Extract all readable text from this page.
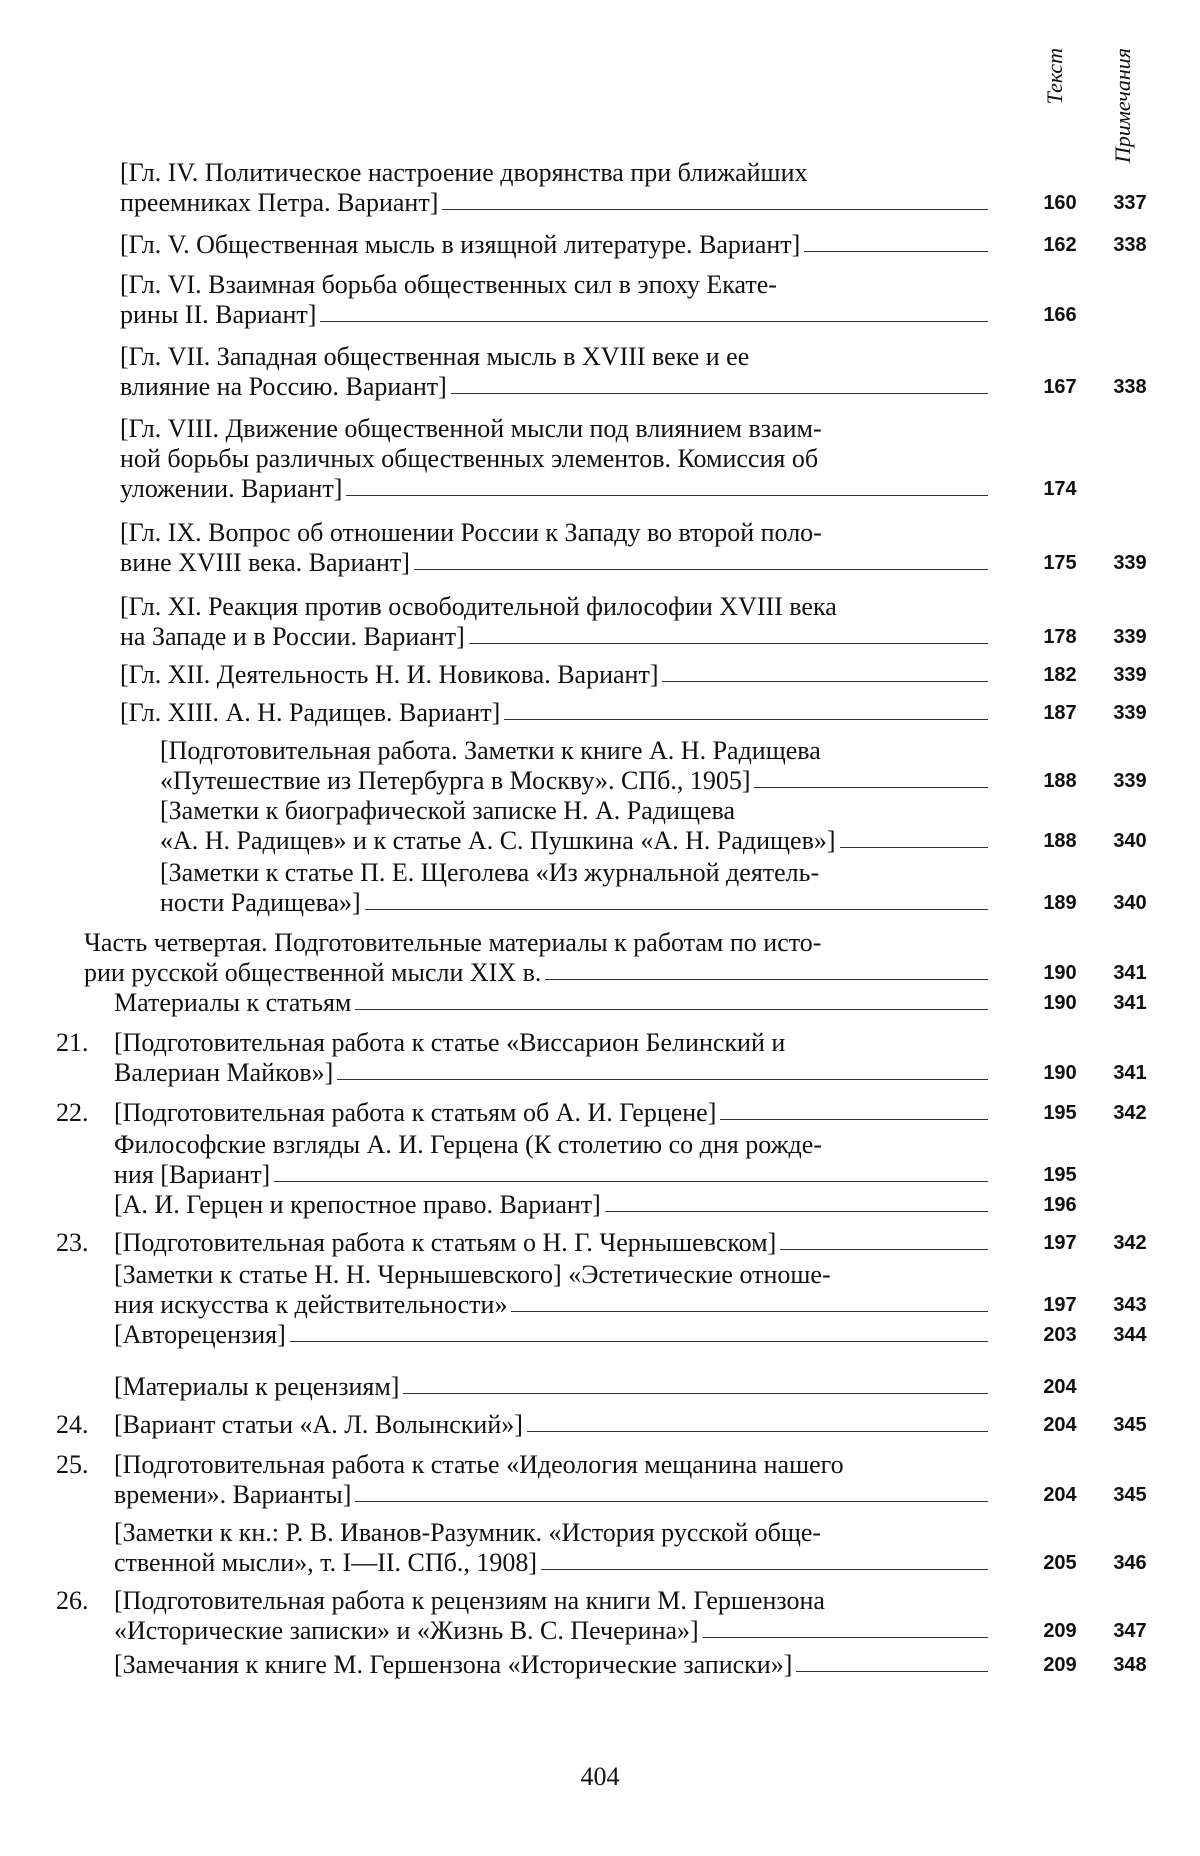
Текст Примечания
[Гл. IV. Политическое настроение дворянства при ближайших
преемниках Петра. Вариант]	160	337
[Гл. V. Общественная мысль в изящной литературе. Вариант]	162	338
[Гл. VI. Взаимная борьба общественных сил в эпоху Екате-
рины II. Вариант]	166
[Гл. VII. Западная общественная мысль в XVIII веке и ее
влияние на Россию. Вариант]	167	338
[Гл. VIII. Движение общественной мысли под влиянием взаим-
ной борьбы различных общественных элементов. Комиссия об
уложении. Вариант]	174
[Гл. IX. Вопрос об отношении России к Западу во второй поло-
вине XVIII века. Вариант]	175	339
[Гл. XI. Реакция против освободительной философии XVIII века
на Западе и в России. Вариант]	178	339
[Гл. XII. Деятельность Н. И. Новикова. Вариант]	182	339
[Гл. XIII. А. Н. Радищев. Вариант]	187	339
[Подготовительная работа. Заметки к книге А. Н. Радищева
«Путешествие из Петербурга в Москву». СПб., 1905]	188	339
[Заметки к биографической записке Н. А. Радищева
«А. Н. Радищев» и к статье А. С. Пушкина «А. Н. Радищев»]	188	340
[Заметки к статье П. Е. Щеголева «Из журнальной деятель-
ности Радищева»]	189	340
Часть четвертая. Подготовительные материалы к работам по исто-
рии русской общественной мысли XIX в.	190	341
Материалы к статьям	190	341
21. [Подготовительная работа к статье «Виссарион Белинский и
Валериан Майков»]	190	341
22. [Подготовительная работа к статьям об А. И. Герцене]	195	342
Философские взгляды А. И. Герцена (К столетию со дня рожде-
ния [Вариант]	195
[А. И. Герцен и крепостное право. Вариант]	196
23. [Подготовительная работа к статьям о Н. Г. Чернышевском]	197	342
[Заметки к статье Н. Н. Чернышевского] «Эстетические отноше-
ния искусства к действительности»	197	343
[Авторецензия]	203	344
[Материалы к рецензиям]	204
24. [Вариант статьи «А. Л. Волынский»]	204	345
25. [Подготовительная работа к статье «Идеология мещанина нашего
времени». Варианты]	204	345
[Заметки к кн.: Р. В. Иванов-Разумник. «История русской обще-
ственной мысли», т. I—II. СПб., 1908]	205	346
26. [Подготовительная работа к рецензиям на книги М. Гершензона
«Исторические записки» и «Жизнь В. С. Печерина»]	209	347
[Замечания к книге М. Гершензона «Исторические записки»]	209	348
404
